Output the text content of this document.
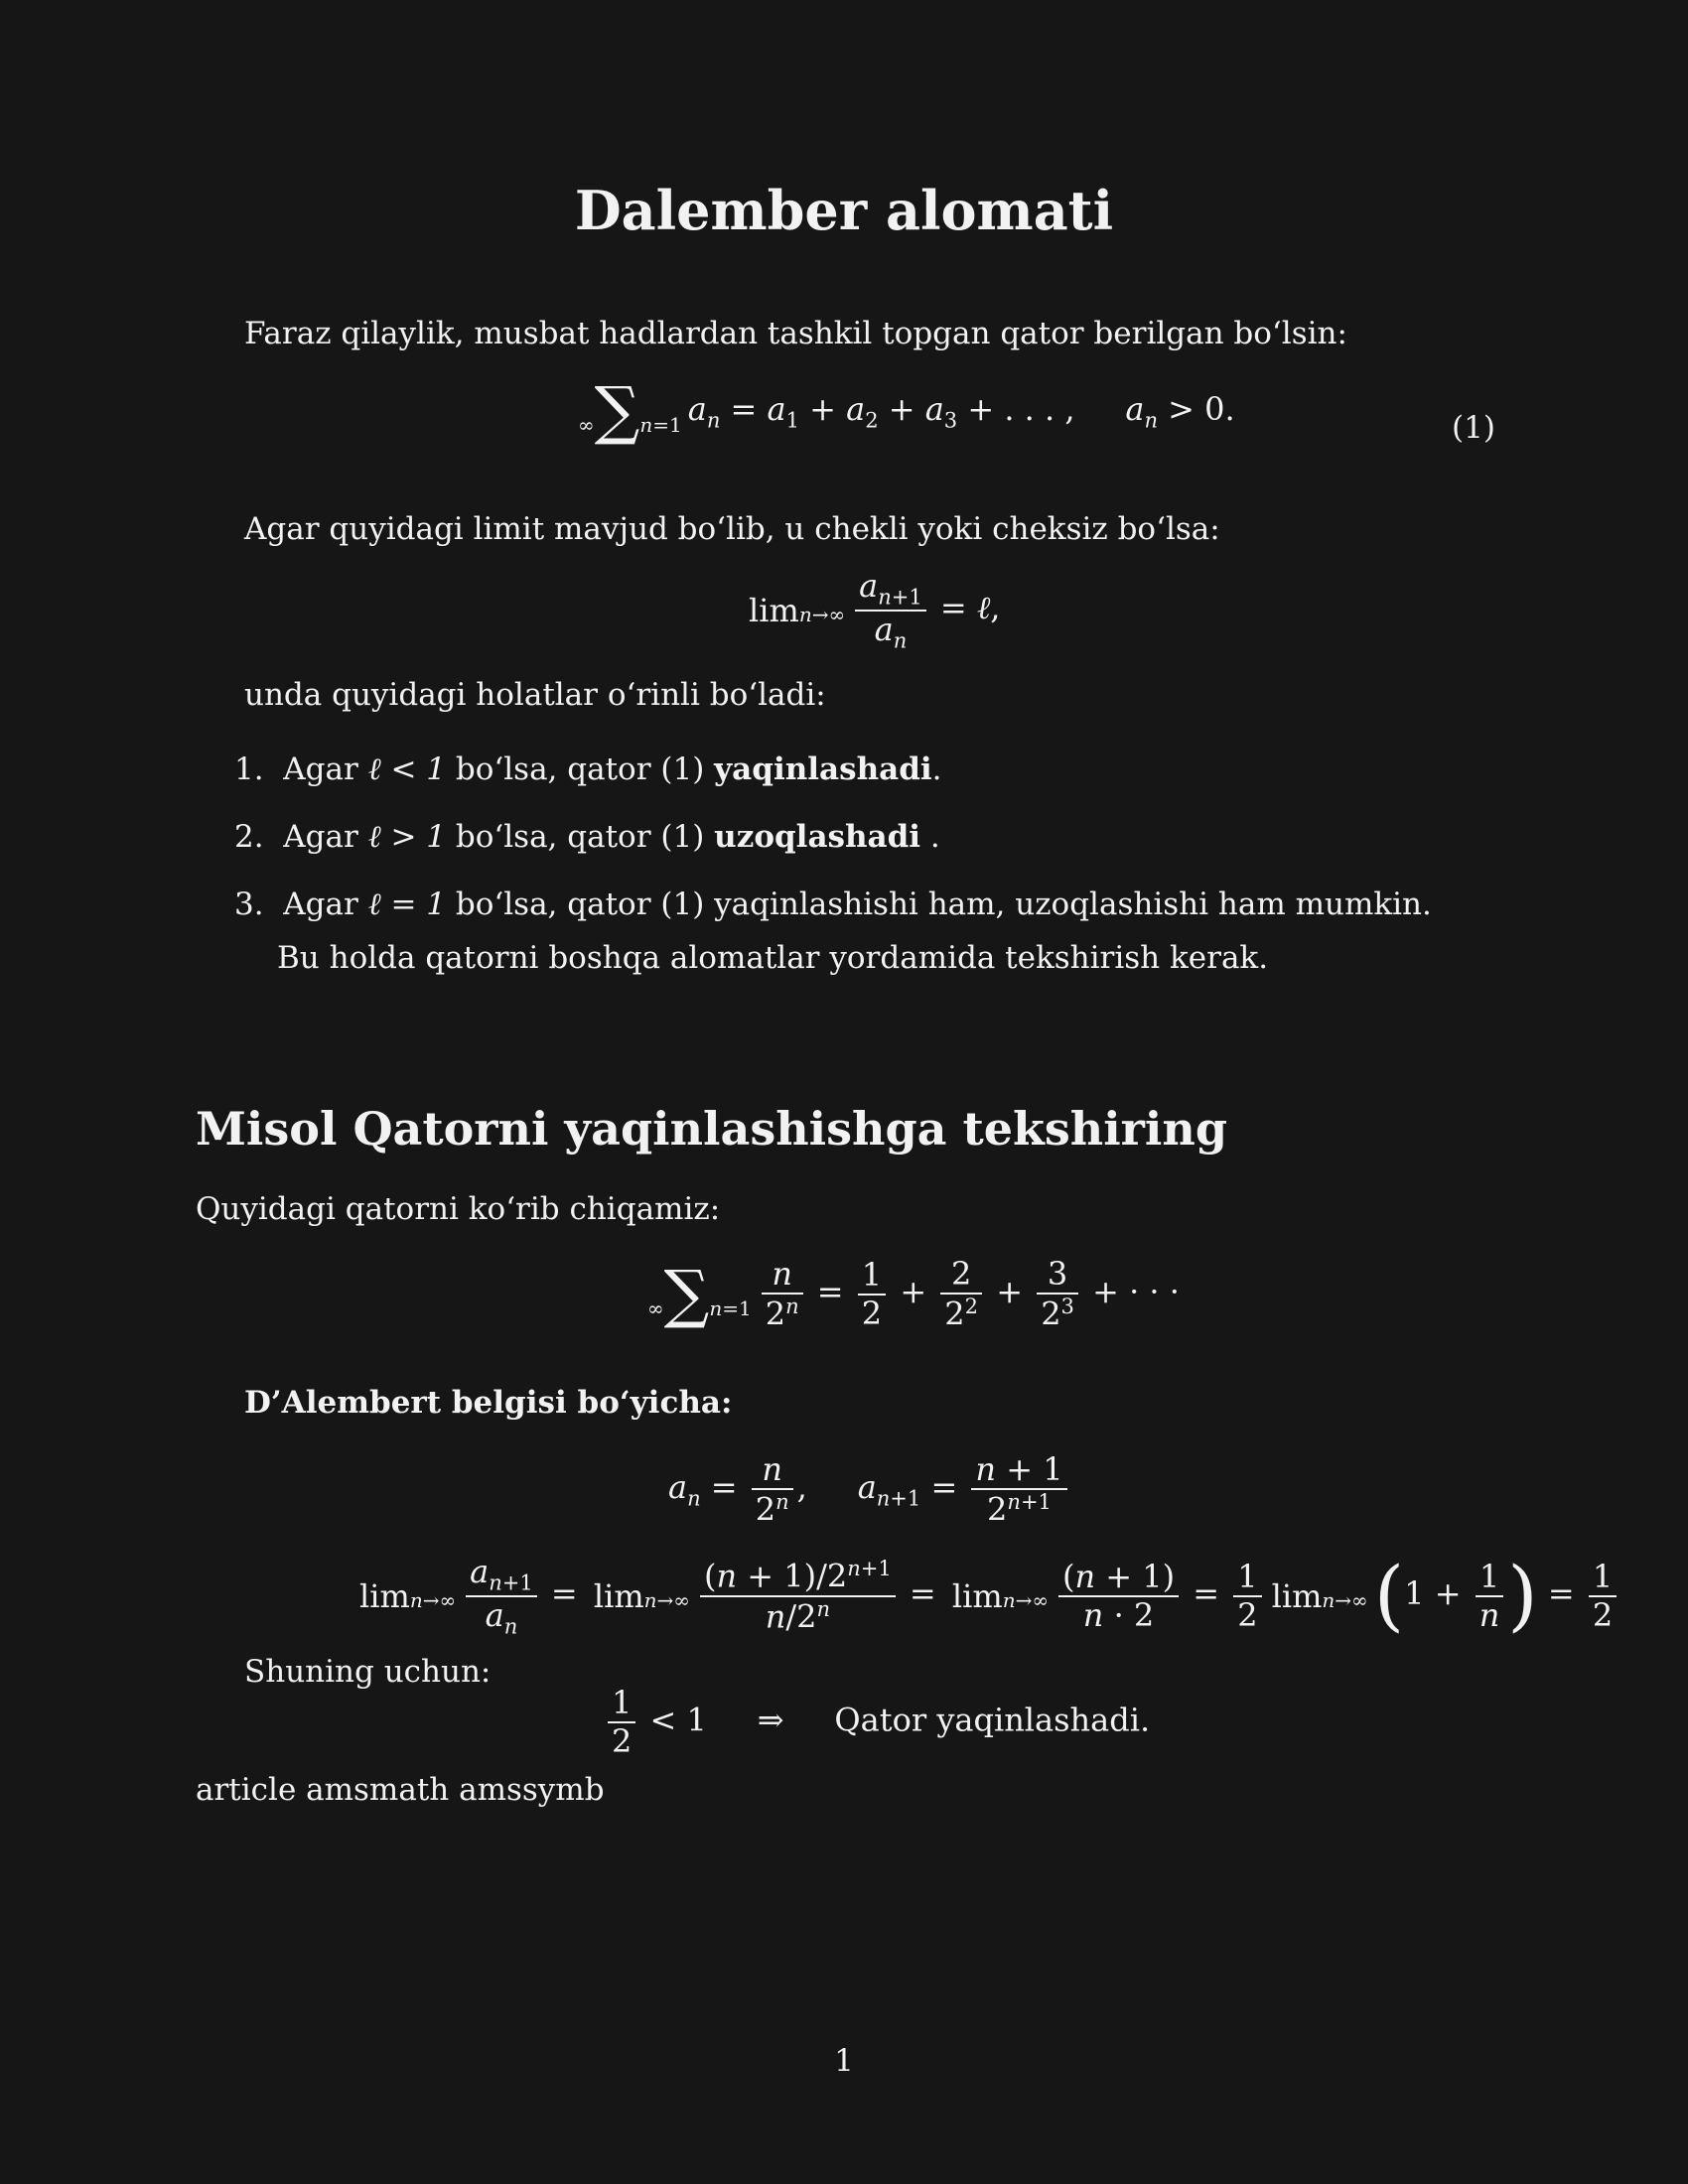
Dalember alomati
Faraz qilaylik, musbat hadlardan tashkil topgan qator berilgan boʻlsin:
∞∑n=1 $a_n = a_1 + a_2 + a_3$ + . . . ,     $a_n > 0$.
(1)
Agar quyidagi limit mavjud boʻlib, u chekli yoki cheksiz boʻlsa:
$\lim n\to\infty \frac{a_{n+1}}{a_n}$ = ℓ,
unda quyidagi holatlar oʻrinli boʻladi:
1. Agar ℓ < 1 boʻlsa, qator (1) yaqinlashadi.
2. Agar ℓ > 1 boʻlsa, qator (1) uzoqlashadi .
3. Agar ℓ = 1 boʻlsa, qator (1) yaqinlashishi ham, uzoqlashishi ham mumkin.
Bu holda qatorni boshqa alomatlar yordamida tekshirish kerak.
Misol Qatorni yaqinlashishga tekshiring
Quyidagi qatorni koʻrib chiqamiz:
$\infty\sum n=1 \frac{n}{2^n} = \frac{1}{2} + \frac{2}{2^2} + \frac{3}{2^3}$ + · · ·
D’Alembert belgisi boʻyicha:
$a_n = \frac{n}{2^n}$ ,     $a_{n+1} = \frac{n + 1}{2^{n+1}}$
$\lim n\to\infty \frac{a_{n+1}}{a_n} = \lim n\to\infty \frac{(n + 1)/2^{n+1}}{n/2^n} = \lim n\to\infty \frac{(n + 1)}{n \cdot 2} = \frac{1}{2} \lim n\to\infty(1 + \frac{1}{n}$ ) = $\frac{1}{2}$
Shuning uchun:
$\frac{1}{2} < 1$     ⇒     Qator yaqinlashadi.
article amsmath amssymb
1
